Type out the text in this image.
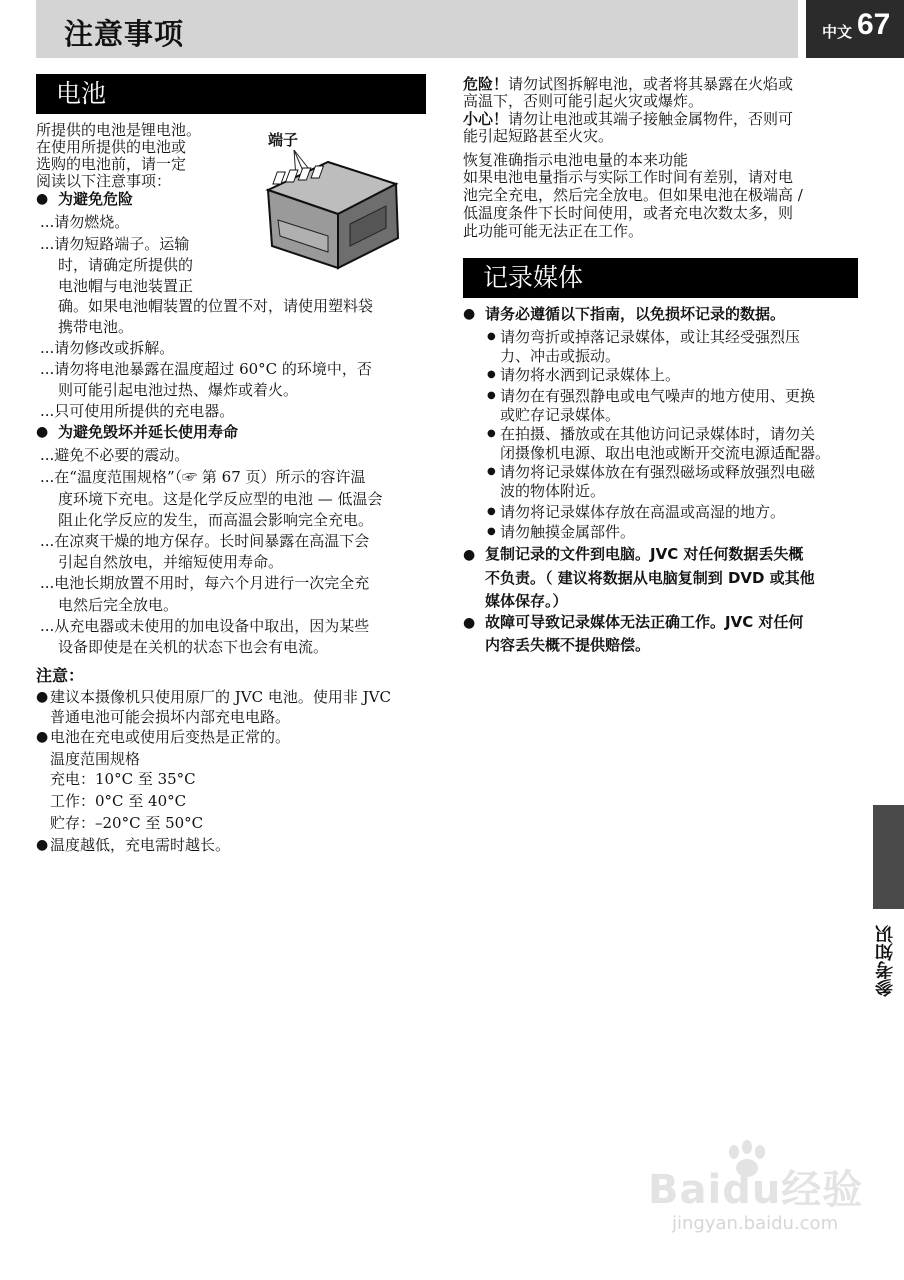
注意事项	中文 67
电池
所提供的电池是锂电池。
在使用所提供的电池或
选购的电池前，请一定
阅读以下注意事项：
端子
● 为避免危险
...请勿燃烧。
...请勿短路端子。运输
时，请确定所提供的
电池帽与电池装置正
确。如果电池帽装置的位置不对，请使用塑料袋
携带电池。
...请勿修改或拆解。
...请勿将电池暴露在温度超过 60°C 的环境中，否
则可能引起电池过热、爆炸或着火。
...只可使用所提供的充电器。
● 为避免毁坏并延长使用寿命
...避免不必要的震动。
...在“温度范围规格”（☞ 第 67 页）所示的容许温
度环境下充电。这是化学反应型的电池 — 低温会
阻止化学反应的发生，而高温会影响完全充电。
...在凉爽干燥的地方保存。长时间暴露在高温下会
引起自然放电，并缩短使用寿命。
...电池长期放置不用时，每六个月进行一次完全充
电然后完全放电。
...从充电器或未使用的加电设备中取出，因为某些
设备即使是在关机的状态下也会有电流。
注意：
● 建议本摄像机只使用原厂的 JVC 电池。使用非 JVC
普通电池可能会损坏内部充电电路。
● 电池在充电或使用后变热是正常的。
温度范围规格
充电：10°C 至 35°C
工作：0°C 至 40°C
贮存：–20°C 至 50°C
● 温度越低，充电需时越长。
危险！请勿试图拆解电池，或者将其暴露在火焰或
高温下，否则可能引起火灾或爆炸。
小心！请勿让电池或其端子接触金属物件，否则可
能引起短路甚至火灾。
恢复准确指示电池电量的本来功能
如果电池电量指示与实际工作时间有差别，请对电
池完全充电，然后完全放电。但如果电池在极端高 /
低温度条件下长时间使用，或者充电次数太多，则
此功能可能无法正在工作。
记录媒体
● 请务必遵循以下指南，以免损坏记录的数据。
● 请勿弯折或掉落记录媒体，或让其经受强烈压
力、冲击或振动。
● 请勿将水洒到记录媒体上。
● 请勿在有强烈静电或电气噪声的地方使用、更换
或贮存记录媒体。
● 在拍摄、播放或在其他访问记录媒体时，请勿关
闭摄像机电源、取出电池或断开交流电源适配器。
● 请勿将记录媒体放在有强烈磁场或释放强烈电磁
波的物体附近。
● 请勿将记录媒体存放在高温或高湿的地方。
● 请勿触摸金属部件。
● 复制记录的文件到电脑。JVC 对任何数据丢失概
不负责。（ 建议将数据从电脑复制到 DVD 或其他
媒体保存。）
● 故障可导致记录媒体无法正确工作。JVC 对任何
内容丢失概不提供赔偿。
参考知识
Baidu经验
jingyan.baidu.com
